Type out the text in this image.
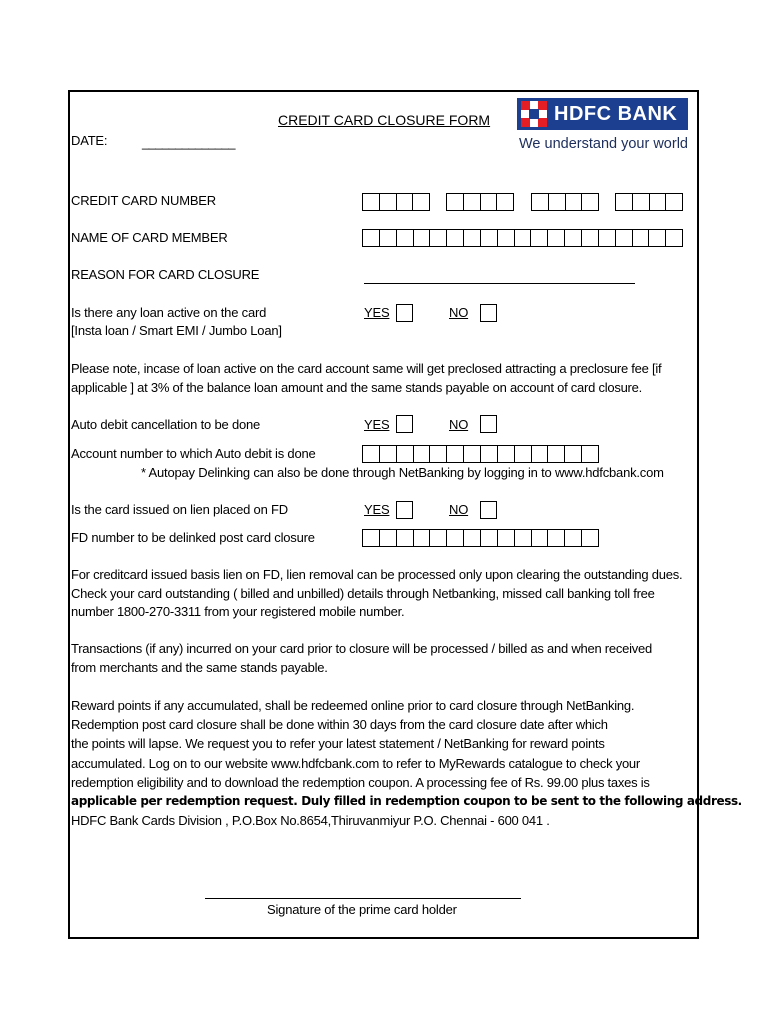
CREDIT CARD CLOSURE FORM
DATE:	______________
HDFC BANK
We understand your world
CREDIT CARD NUMBER
NAME OF CARD MEMBER
REASON FOR CARD CLOSURE
Is there any loan active on the card
[Insta loan / Smart EMI / Jumbo Loan]
YES	NO
Please note, incase of loan active on the card account same will get preclosed attracting a preclosure fee [if
applicable ] at 3% of the balance loan amount and the same stands payable on account of card closure.
Auto debit cancellation to be done	YES	NO
Account number to which Auto debit is done
* Autopay Delinking can also be done through NetBanking by logging in to www.hdfcbank.com
Is the card issued on lien placed on FD	YES	NO
FD number to be delinked post card closure
For creditcard issued basis lien on FD, lien removal can be processed only upon clearing the outstanding dues.
Check your card outstanding ( billed and unbilled) details through Netbanking, missed call banking toll free
number 1800-270-3311 from your registered mobile number.
Transactions (if any) incurred on your card prior to closure will be processed / billed as and when received
from merchants and the same stands payable.
Reward points if any accumulated, shall be redeemed online prior to card closure through NetBanking.
Redemption post card closure shall be done within 30 days from the card closure date after which
the points will lapse. We request you to refer your latest statement / NetBanking for reward points
accumulated. Log on to our website www.hdfcbank.com to refer to MyRewards catalogue to check your
redemption eligibility and to download the redemption coupon. A processing fee of Rs. 99.00 plus taxes is
applicable per redemption request. Duly filled in redemption coupon to be sent to the following address.
HDFC Bank Cards Division , P.O.Box No.8654,Thiruvanmiyur P.O. Chennai - 600 041 .
Signature of the prime card holder
